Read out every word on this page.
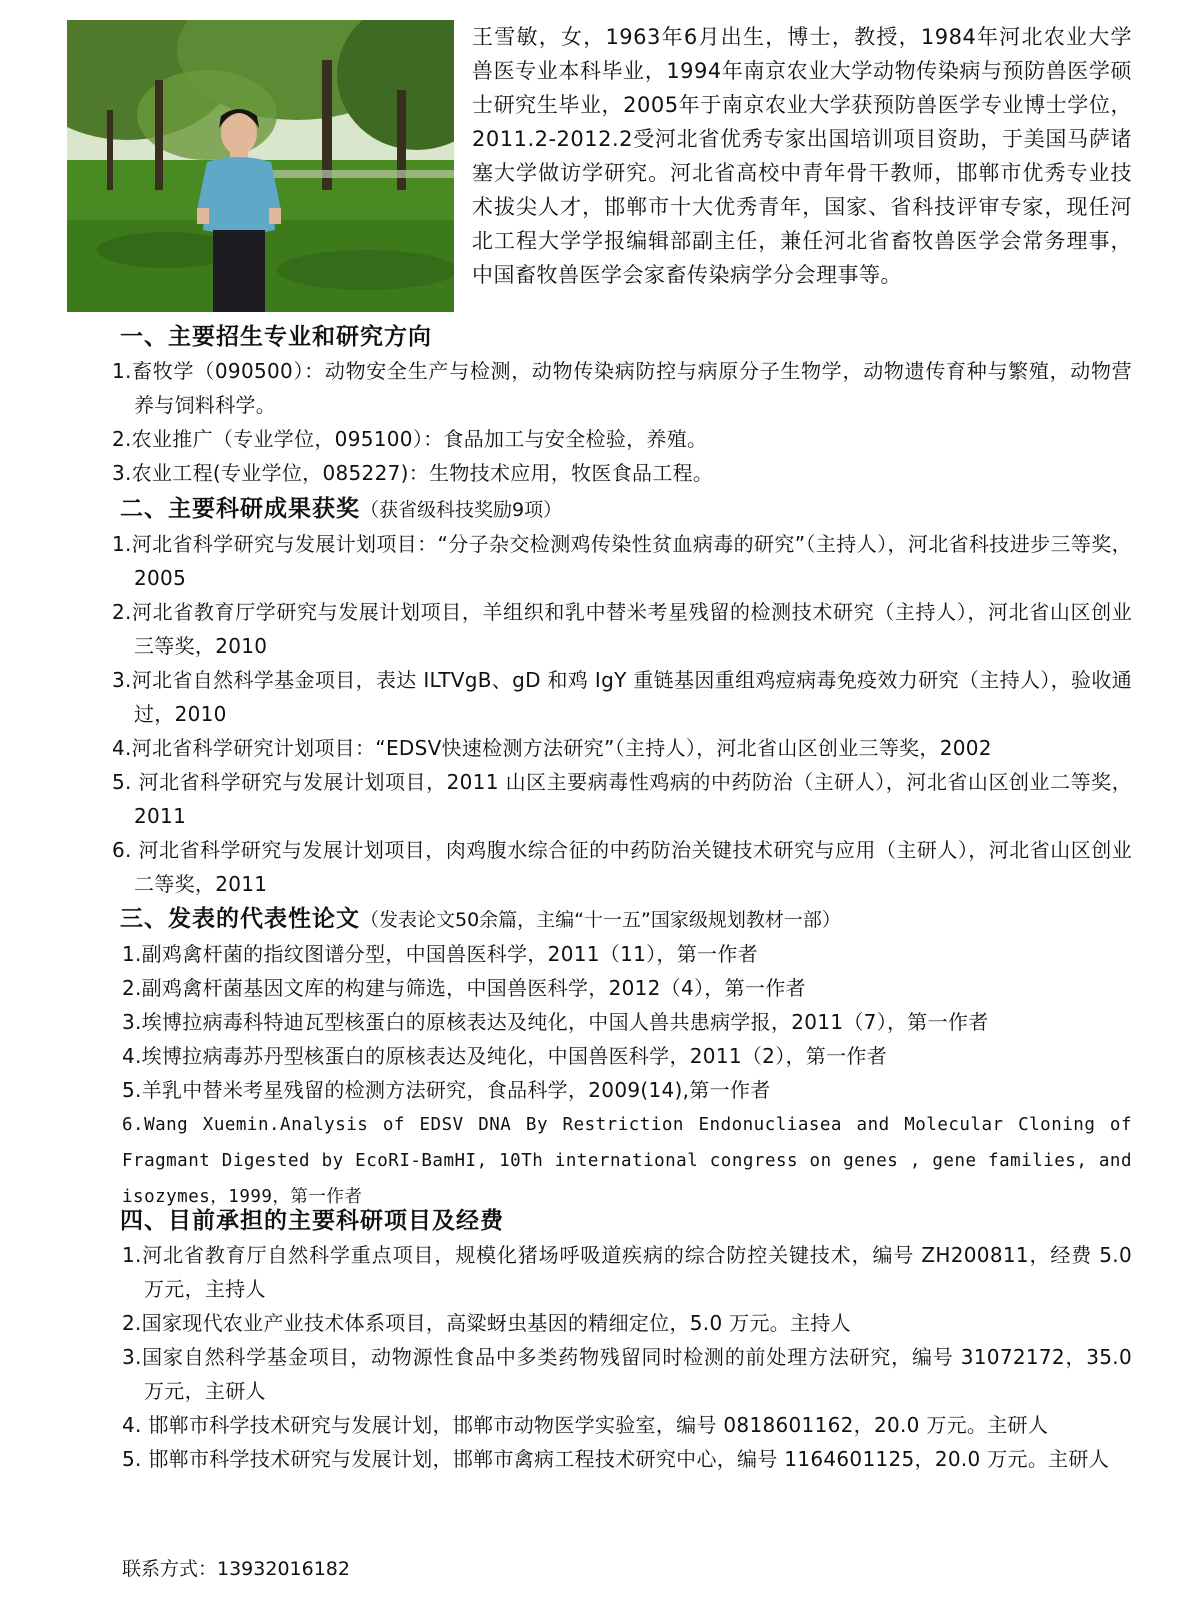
王雪敏，女，1963年6月出生，博士，教授，1984年河北农业大学兽医专业本科毕业，1994年南京农业大学动物传染病与预防兽医学硕士研究生毕业，2005年于南京农业大学获预防兽医学专业博士学位，2011.2-2012.2受河北省优秀专家出国培训项目资助，于美国马萨诸塞大学做访学研究。河北省高校中青年骨干教师，邯郸市优秀专业技术拔尖人才，邯郸市十大优秀青年，国家、省科技评审专家，现任河北工程大学学报编辑部副主任，兼任河北省畜牧兽医学会常务理事，中国畜牧兽医学会家畜传染病学分会理事等。
一、主要招生专业和研究方向
1.畜牧学（090500）：动物安全生产与检测，动物传染病防控与病原分子生物学，动物遗传育种与繁殖，动物营养与饲料科学。
2.农业推广（专业学位，095100）：食品加工与安全检验，养殖。
3.农业工程(专业学位，085227)：生物技术应用，牧医食品工程。
二、主要科研成果获奖（获省级科技奖励9项）
1.河北省科学研究与发展计划项目：“分子杂交检测鸡传染性贫血病毒的研究”（主持人），河北省科技进步三等奖，2005
2.河北省教育厅学研究与发展计划项目，羊组织和乳中替米考星残留的检测技术研究（主持人），河北省山区创业三等奖，2010
3.河北省自然科学基金项目，表达 ILTVgB、gD 和鸡 IgY 重链基因重组鸡痘病毒免疫效力研究（主持人），验收通过，2010
4.河北省科学研究计划项目：“EDSV快速检测方法研究”（主持人），河北省山区创业三等奖，2002
5. 河北省科学研究与发展计划项目，2011 山区主要病毒性鸡病的中药防治（主研人），河北省山区创业二等奖，2011
6. 河北省科学研究与发展计划项目，肉鸡腹水综合征的中药防治关键技术研究与应用（主研人），河北省山区创业二等奖，2011
三、发表的代表性论文（发表论文50余篇，主编“十一五”国家级规划教材一部）
1.副鸡禽杆菌的指纹图谱分型，中国兽医科学，2011（11），第一作者
2.副鸡禽杆菌基因文库的构建与筛选，中国兽医科学，2012（4），第一作者
3.埃博拉病毒科特迪瓦型核蛋白的原核表达及纯化，中国人兽共患病学报，2011（7），第一作者
4.埃博拉病毒苏丹型核蛋白的原核表达及纯化，中国兽医科学，2011（2），第一作者
5.羊乳中替米考星残留的检测方法研究，食品科学，2009(14),第一作者
6.Wang Xuemin.Analysis of EDSV DNA By Restriction Endonucliasea and Molecular Cloning of Fragmant Digested by EcoRI-BamHI, 10Th international congress on genes , gene families, and isozymes，1999，第一作者
四、目前承担的主要科研项目及经费
1.河北省教育厅自然科学重点项目，规模化猪场呼吸道疾病的综合防控关键技术，编号 ZH200811，经费 5.0 万元，主持人
2.国家现代农业产业技术体系项目，高粱蚜虫基因的精细定位，5.0 万元。主持人
3.国家自然科学基金项目，动物源性食品中多类药物残留同时检测的前处理方法研究，编号 31072172，35.0 万元，主研人
4. 邯郸市科学技术研究与发展计划，邯郸市动物医学实验室，编号 0818601162，20.0 万元。主研人
5. 邯郸市科学技术研究与发展计划，邯郸市禽病工程技术研究中心，编号 1164601125，20.0 万元。主研人
联系方式：13932016182
